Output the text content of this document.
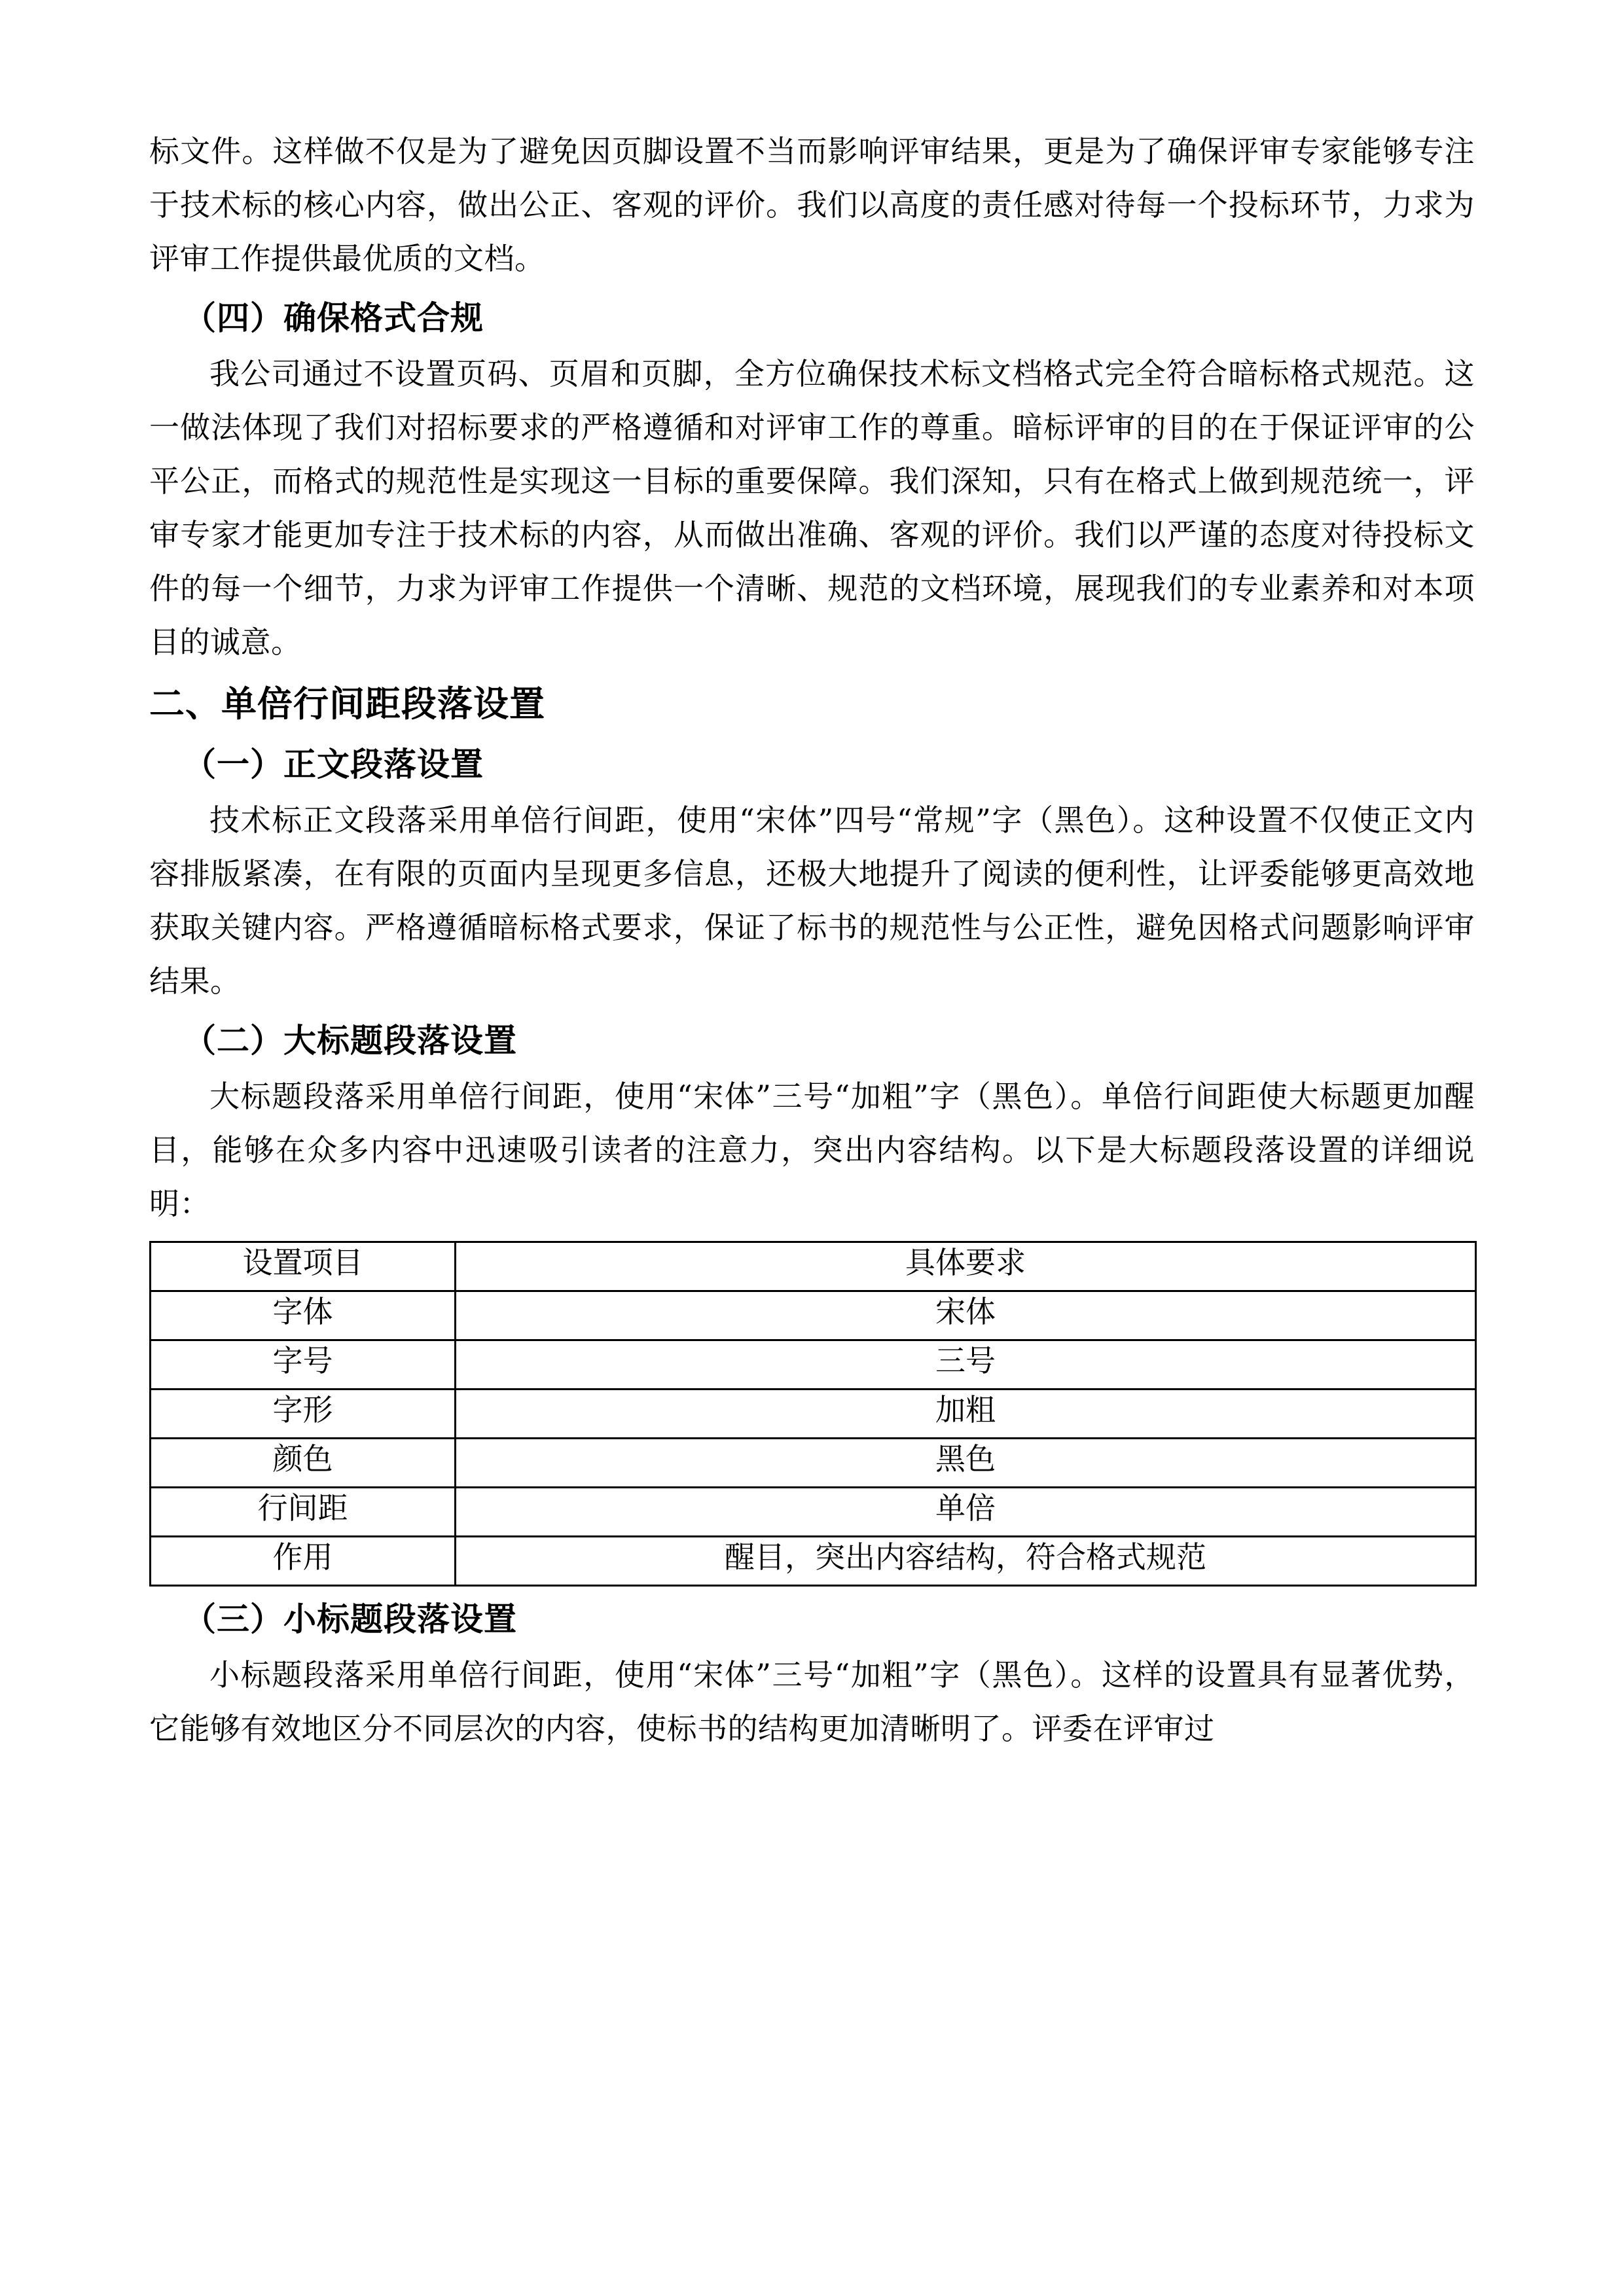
标文件。这样做不仅是为了避免因页脚设置不当而影响评审结果，更是为了确保评审专家能够专注于技术标的核心内容，做出公正、客观的评价。我们以高度的责任感对待每一个投标环节，力求为评审工作提供最优质的文档。

（四）确保格式合规

我公司通过不设置页码、页眉和页脚，全方位确保技术标文档格式完全符合暗标格式规范。这一做法体现了我们对招标要求的严格遵循和对评审工作的尊重。暗标评审的目的在于保证评审的公平公正，而格式的规范性是实现这一目标的重要保障。我们深知，只有在格式上做到规范统一，评审专家才能更加专注于技术标的内容，从而做出准确、客观的评价。我们以严谨的态度对待投标文件的每一个细节，力求为评审工作提供一个清晰、规范的文档环境，展现我们的专业素养和对本项目的诚意。

二、单倍行间距段落设置
（一）正文段落设置

技术标正文段落采用单倍行间距，使用“宋体”四号“常规”字（黑色）。这种设置不仅使正文内容排版紧凑，在有限的页面内呈现更多信息，还极大地提升了阅读的便利性，让评委能够更高效地获取关键内容。严格遵循暗标格式要求，保证了标书的规范性与公正性，避免因格式问题影响评审结果。

（二）大标题段落设置

大标题段落采用单倍行间距，使用“宋体”三号“加粗”字（黑色）。单倍行间距使大标题更加醒目，能够在众多内容中迅速吸引读者的注意力，突出内容结构。以下是大标题段落设置的详细说明：

设置项目	具体要求
字体	宋体
字号	三号
字形	加粗
颜色	黑色
行间距	单倍
作用	醒目，突出内容结构，符合格式规范
（三）小标题段落设置

小标题段落采用单倍行间距，使用“宋体”三号“加粗”字（黑色）。这样的设置具有显著优势，它能够有效地区分不同层次的内容，使标书的结构更加清晰明了。评委在评审过
